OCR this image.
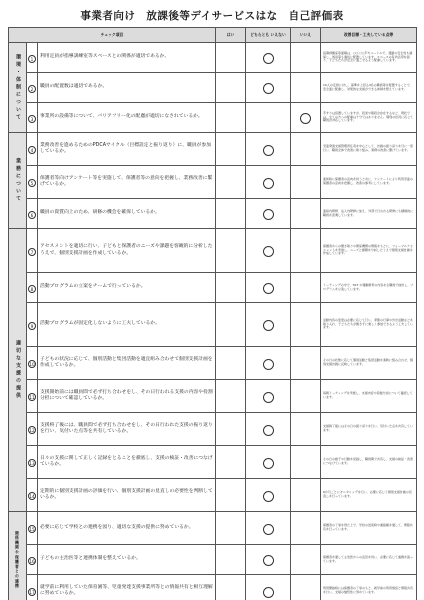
事業者向け　放課後等デイサービスはな　自己評価表
チェック項目			はい	どちらとも いえない	いいえ	改善目標・工夫している点等
環境・体制について	1	利用定員が指導訓練室等スペースとの関係が適切であるか。				指導訓練室等面積は、○○.○○平方メートルで、通路の安全性も確保し、遊具等も適切に配置しています。スペースの有効活用を図り、子どもたちが安全に過ごせるよう配慮しています。
	2	職員の配置数は適切であるか。				10人の定員に対し、基準を上回る4名の職員等を配置することで、安全面に配慮し、効果的な支援ができる体制を整えています。
	3	事業所の設備等について、バリアフリー化の配慮が適切になされているか。				手すりは設置していますが、段差や階段が存在するなど、現状では、全ての方への配慮は十分ではありません。個別の状況に応じて職員が対応しています。
業務について	4	業務改善を進めるためのPDCAサイクル（目標設定と振り返り）に、職員が参加しているか。				児童発達支援管理責任者を中心として、計画の振り返りを月に一度行い、職員全体で改善に取り組み、業務の改善に繋げています。
	5	保護者等向けアンケート等を実施して、保護者等の意向を把握し、業務改善に繋げているか。				面談時に保護者の意向を伺うと共に、アンケートにより利用児童の保護者の意向を把握し、改善の参考にしています。
	6	職員の資質向上のため、研修の機会を確保しているか。				面接内研修、法人内研修に加え、外部で行われる研修にも積極的に職員を派遣しています。
適切な支援の提供	7	アセスメントを適切に行い、子どもと保護者のニーズや課題を客観的に分析したうえで、個別支援計画を作成しているか。				保護者からの聞き取りや関係機関の情報をもとに、フォーマルアセスメントを実施し、ニーズと課題を分析したうえで個別支援計画を作成しています。
	8	活動プログラムの立案をチームで行っているか。				ミーティングの中で、SST や運動療育の内容を全職員で検討し、プログラムを立案しています。
	9	活動プログラムが固定化しないように工夫しているか。				活動内容の変更は必要に応じて行い、季節の行事や外出活動などを取り入れ、子どもたちが飽きずに楽しく参加できるよう工夫しています。
	10	子どもの状況に応じて、個別活動と集団活動を適宜組み合わせて個別支援計画を作成しているか。				その日の状態に応じて個別活動と集団活動を柔軟に組み合わせ、個別支援計画に反映しています。
	11	支援開始前には職員間で必ず打ち合わせをし、その日行われる支援の内容や役割分担について確認しているか。				毎朝ミーティングを実施し、支援内容や役割分担について確認しています。
	12	支援終了後には、職員間で必ず打ち合わせをし、その日行われた支援の振り返りを行い、気付いた点等を共有しているか。				支援終了後にはその日の振り返りを行い、気付いた点を共有しています。
	13	日々の支援に関して正しく記録をとることを徹底し、支援の検証・改善につなげているか。				その日の様子や行動を記録し、職員間で共有し、支援の検証・改善につなげています。
	14	定期的に個別支援計画の評価を行い、個別支援計画の見直しの必要性を判断しているか。				6か月ごとにモニタリングを行い、必要に応じて個別支援計画の見直しを行っています。
関係機関や保護者との連携	15	必要に応じて学校との連携を図り、適切な支援の提供に努めているか。				保護者の了承を得た上で、学校の送迎時や連絡帳を通して、情報共有を行っています。
	16	子どもの主治医等と連携体制を整えているか。				保護者を通して主治医からの意見を伺い、必要に応じて連携を図っています。
	17	就学前に利用していた保育園等、児童発達支援事業所等との情報共有と相互理解に努めているか。				利用開始時には保護者の了承のもと、就学前の利用施設と情報共有を行い、支援の継続性に努めています。
